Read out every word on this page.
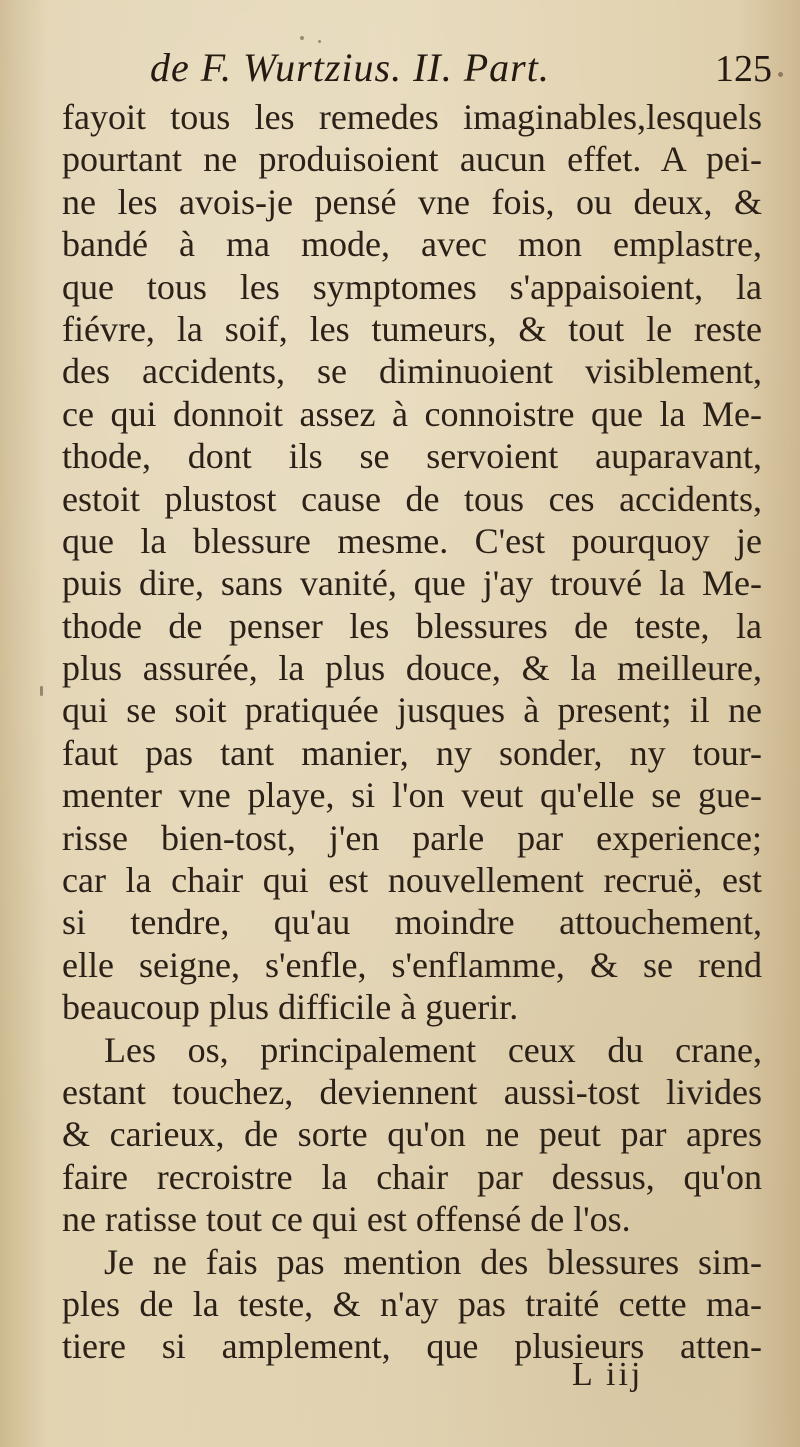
de F. Wurtzius. II. Part.	125
fayoit tous les remedes imaginables,lesquels
pourtant ne produisoient aucun effet. A pei-
ne les avois-je pensé vne fois, ou deux, &
bandé à ma mode, avec mon emplastre,
que tous les symptomes s'appaisoient, la
fiévre, la soif, les tumeurs, & tout le reste
des accidents, se diminuoient visiblement,
ce qui donnoit assez à connoistre que la Me-
thode, dont ils se servoient auparavant,
estoit plustost cause de tous ces accidents,
que la blessure mesme. C'est pourquoy je
puis dire, sans vanité, que j'ay trouvé la Me-
thode de penser les blessures de teste, la
plus assurée, la plus douce, & la meilleure,
qui se soit pratiquée jusques à present; il ne
faut pas tant manier, ny sonder, ny tour-
menter vne playe, si l'on veut qu'elle se gue-
risse bien-tost, j'en parle par experience;
car la chair qui est nouvellement recruë, est
si tendre, qu'au moindre attouchement,
elle seigne, s'enfle, s'enflamme, & se rend
beaucoup plus difficile à guerir.
Les os, principalement ceux du crane,
estant touchez, deviennent aussi-tost livides
& carieux, de sorte qu'on ne peut par apres
faire recroistre la chair par dessus, qu'on
ne ratisse tout ce qui est offensé de l'os.
Je ne fais pas mention des blessures sim-
ples de la teste, & n'ay pas traité cette ma-
tiere si amplement, que plusieurs atten-
L iij
